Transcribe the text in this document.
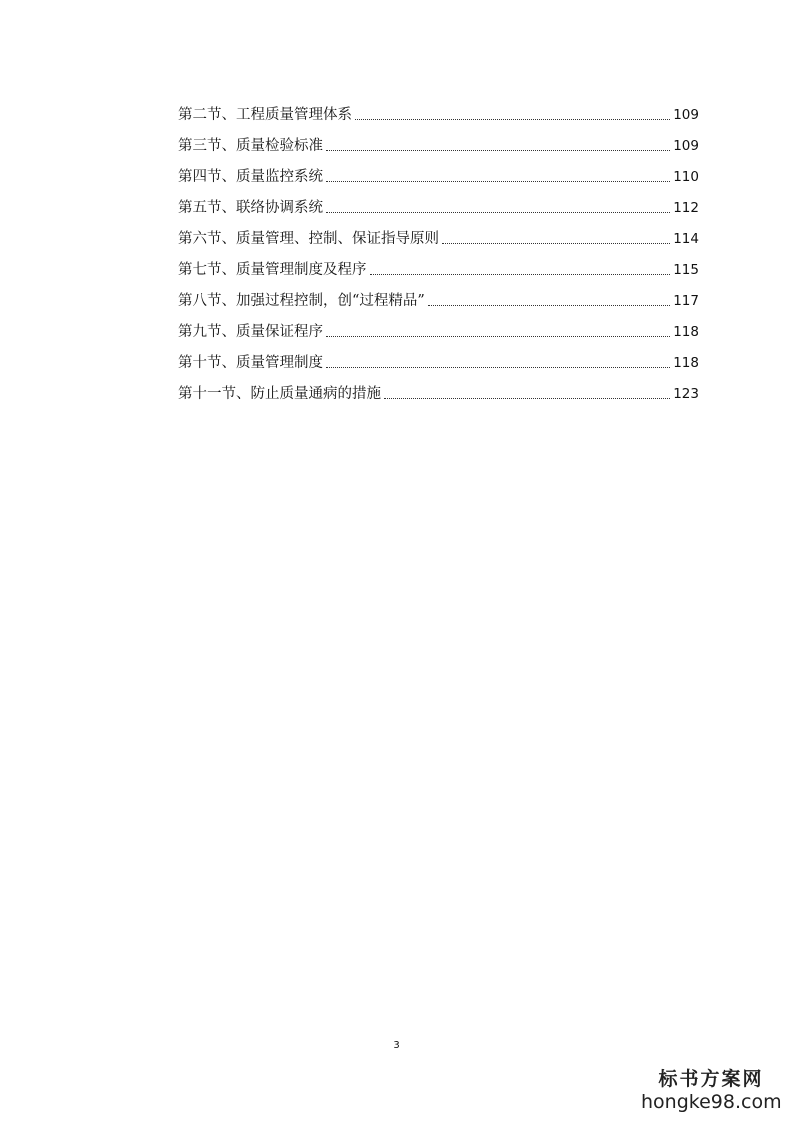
第二节、工程质量管理体系	109
第三节、质量检验标准	109
第四节、质量监控系统	110
第五节、联络协调系统	112
第六节、质量管理、控制、保证指导原则	114
第七节、质量管理制度及程序	115
第八节、加强过程控制，创“过程精品”	117
第九节、质量保证程序	118
第十节、质量管理制度	118
第十一节、防止质量通病的措施	123
3
标书方案网
hongke98.com
